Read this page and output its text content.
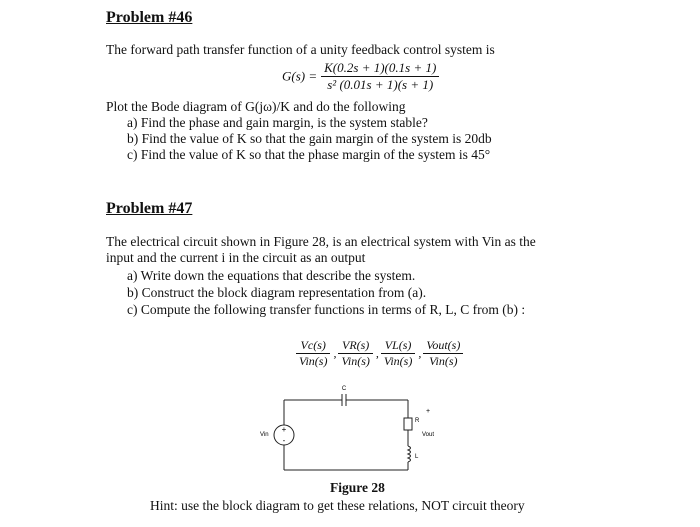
Problem #46
The forward path transfer function of a unity feedback control system is
$G(s) = \frac{K(0.2s + 1)(0.1s + 1)}{\text{s² (0.01s + 1)(s + 1)}}$
Plot the Bode diagram of G(jω)/K and do the following
a) Find the phase and gain margin, is the system stable?
b) Find the value of K so that the gain margin of the system is 20db
c) Find the value of K so that the phase margin of the system is 45°
Problem #47
The electrical circuit shown in Figure 28, is an electrical system with Vin as the
input and the current i in the circuit as an output
a) Write down the equations that describe the system.
b) Construct the block diagram representation from (a).
c) Compute the following transfer functions in terms of R, L, C from (b) :
$\frac{Vc(s)}{\text{Vin(s)}}$ , $\frac{VR(s)}{\text{Vin(s)}}$ , $\frac{VL(s)}{\text{Vin(s)}}$ , $\frac{\text{Vout(s)}}{\text{Vin(s)}}$
+
-
Vin
C
R
L
+
Vout
Figure 28
Hint: use the block diagram to get these relations, NOT circuit theory
